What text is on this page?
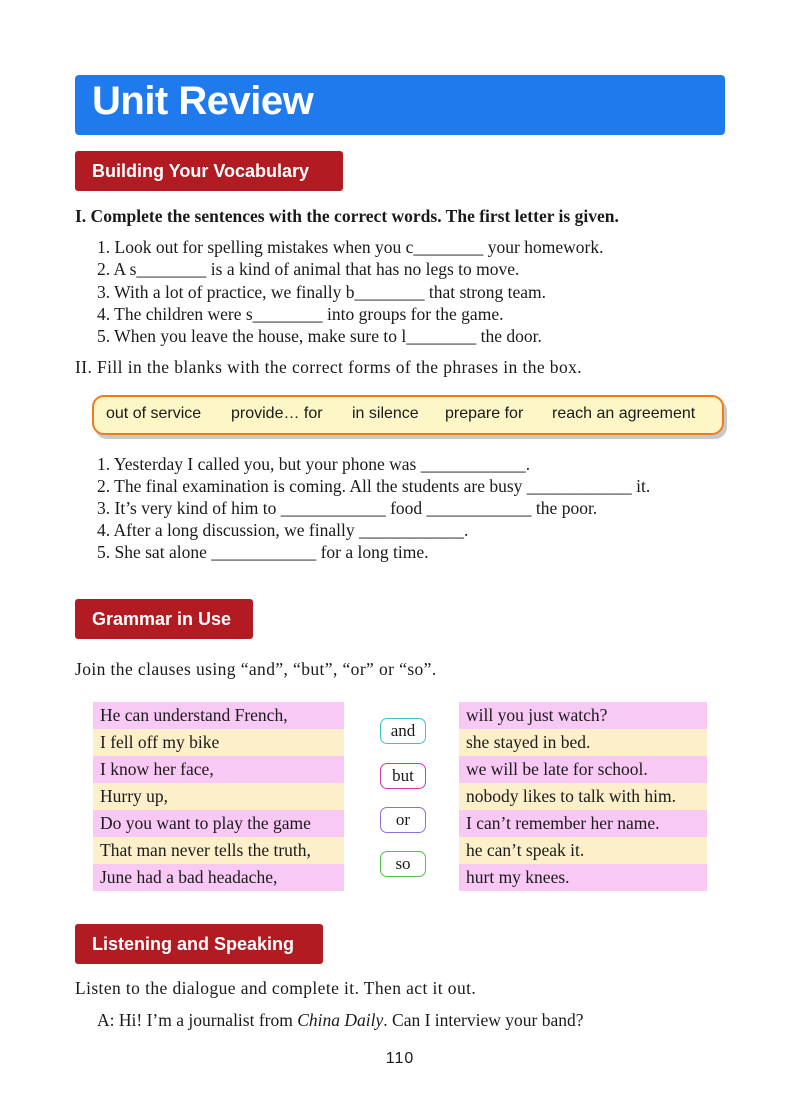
Unit Review
Building Your Vocabulary
I. Complete the sentences with the correct words. The first letter is given.
1. Look out for spelling mistakes when you c________ your homework.
2. A s________ is a kind of animal that has no legs to move.
3. With a lot of practice, we finally b________ that strong team.
4. The children were s________ into groups for the game.
5. When you leave the house, make sure to l________ the door.
II. Fill in the blanks with the correct forms of the phrases in the box.
out of service provide… for in silence prepare for reach an agreement
1. Yesterday I called you, but your phone was ____________.
2. The final examination is coming. All the students are busy ____________ it.
3. It’s very kind of him to ____________ food ____________ the poor.
4. After a long discussion, we finally ____________.
5. She sat alone ____________ for a long time.
Grammar in Use
Join the clauses using “and”, “but”, “or” or “so”.
He can understand French,
I fell off my bike
I know her face,
Hurry up,
Do you want to play the game
That man never tells the truth,
June had a bad headache,
and
but
or
so
will you just watch?
she stayed in bed.
we will be late for school.
nobody likes to talk with him.
I can’t remember her name.
he can’t speak it.
hurt my knees.
Listening and Speaking
Listen to the dialogue and complete it. Then act it out.
A: Hi! I’m a journalist from China Daily. Can I interview your band?
110
